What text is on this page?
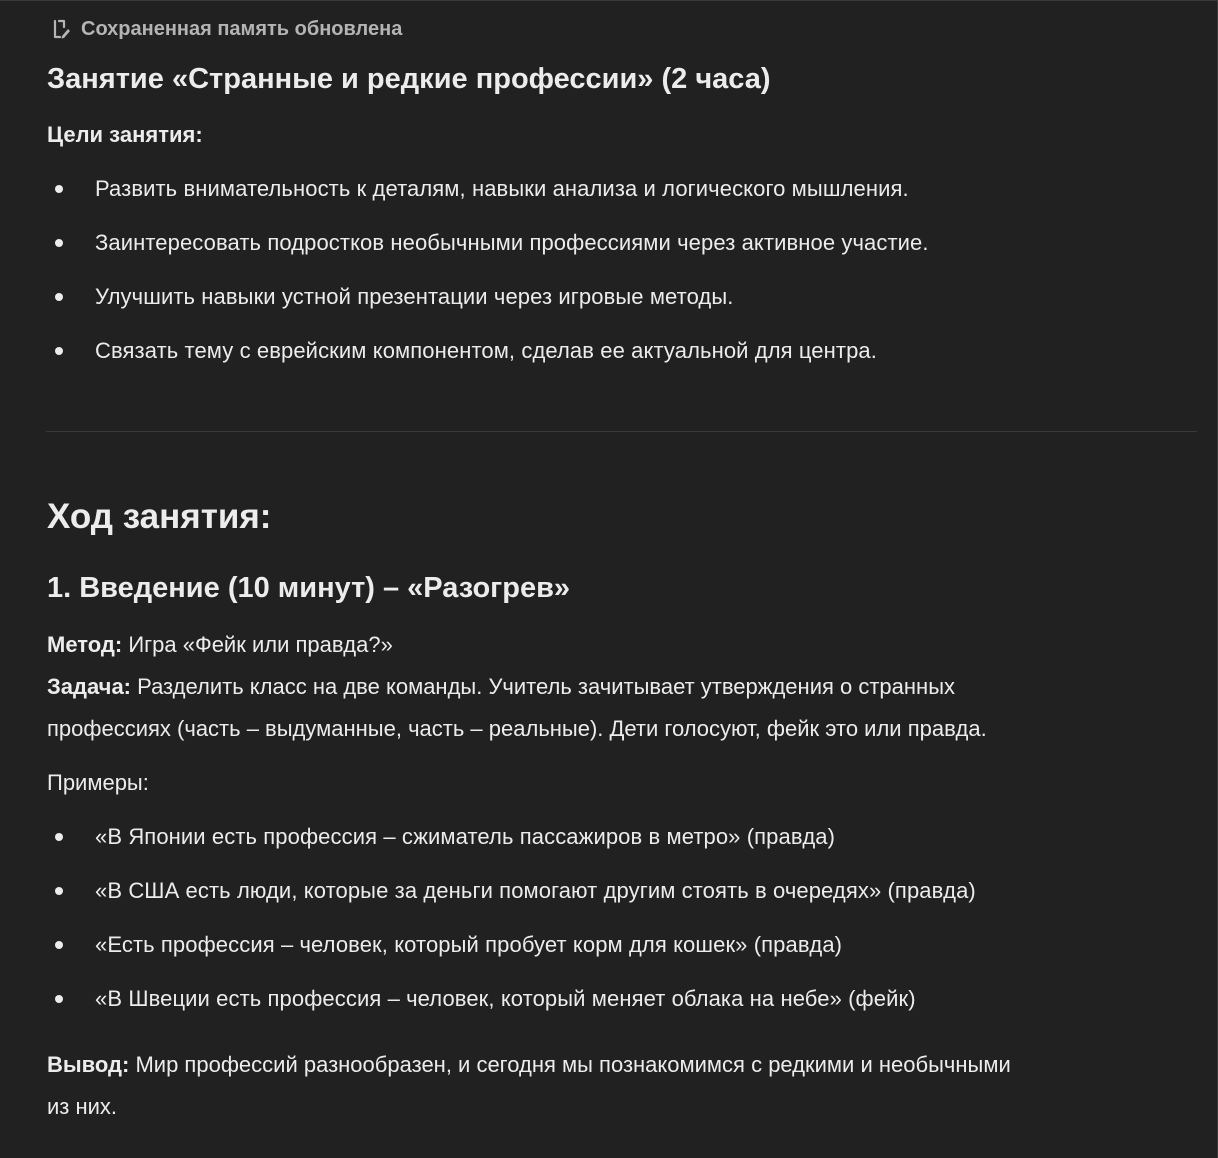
Сохраненная память обновлена
Занятие «Странные и редкие профессии» (2 часа)
Цели занятия:
Развить внимательность к деталям, навыки анализа и логического мышления.
Заинтересовать подростков необычными профессиями через активное участие.
Улучшить навыки устной презентации через игровые методы.
Связать тему с еврейским компонентом, сделав ее актуальной для центра.
Ход занятия:
1. Введение (10 минут) – «Разогрев»

Метод: Игра «Фейк или правда?»

Задача: Разделить класс на две команды. Учитель зачитывает утверждения о странных
профессиях (часть – выдуманные, часть – реальные). Дети голосуют, фейк это или правда.

Примеры:

«В Японии есть профессия – сжиматель пассажиров в метро» (правда)
«В США есть люди, которые за деньги помогают другим стоять в очередях» (правда)
«Есть профессия – человек, который пробует корм для кошек» (правда)
«В Швеции есть профессия – человек, который меняет облака на небе» (фейк)

Вывод: Мир профессий разнообразен, и сегодня мы познакомимся с редкими и необычными
из них.
